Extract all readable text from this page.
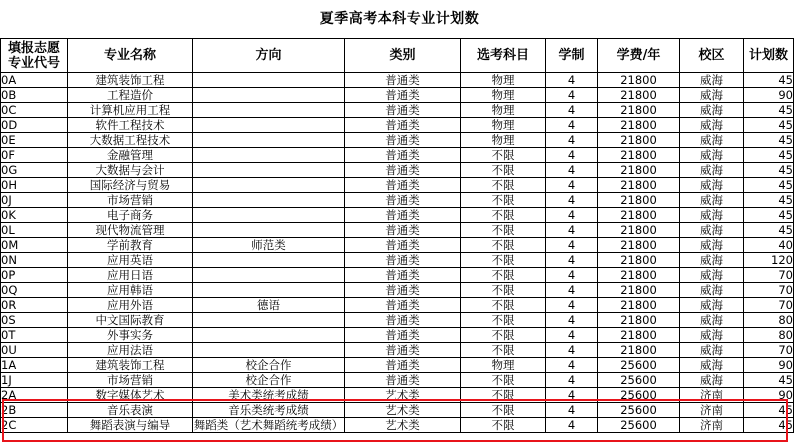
夏季高考本科专业计划数
填报志愿专业代号	专业名称	方向	类别	选考科目	学制	学费/年	校区	计划数
0A	建筑装饰工程		普通类	物理	4	21800	威海	45
0B	工程造价		普通类	物理	4	21800	威海	90
0C	计算机应用工程		普通类	物理	4	21800	威海	45
0D	软件工程技术		普通类	物理	4	21800	威海	45
0E	大数据工程技术		普通类	物理	4	21800	威海	45
0F	金融管理		普通类	不限	4	21800	威海	45
0G	大数据与会计		普通类	不限	4	21800	威海	45
0H	国际经济与贸易		普通类	不限	4	21800	威海	45
0J	市场营销		普通类	不限	4	21800	威海	45
0K	电子商务		普通类	不限	4	21800	威海	45
0L	现代物流管理		普通类	不限	4	21800	威海	45
0M	学前教育	师范类	普通类	不限	4	21800	威海	40
0N	应用英语		普通类	不限	4	21800	威海	120
0P	应用日语		普通类	不限	4	21800	威海	70
0Q	应用韩语		普通类	不限	4	21800	威海	70
0R	应用外语	德语	普通类	不限	4	21800	威海	70
0S	中文国际教育		普通类	不限	4	21800	威海	80
0T	外事实务		普通类	不限	4	21800	威海	80
0U	应用法语		普通类	不限	4	21800	威海	70
1A	建筑装饰工程	校企合作	普通类	物理	4	25600	威海	90
1J	市场营销	校企合作	普通类	不限	4	25600	威海	45
2A	数字媒体艺术	美术类统考成绩	艺术类	不限	4	25600	济南	90
2B	音乐表演	音乐类统考成绩	艺术类	不限	4	25600	济南	45
2C	舞蹈表演与编导	舞蹈类（艺术舞蹈统考成绩）	艺术类	不限	4	25600	济南	45
